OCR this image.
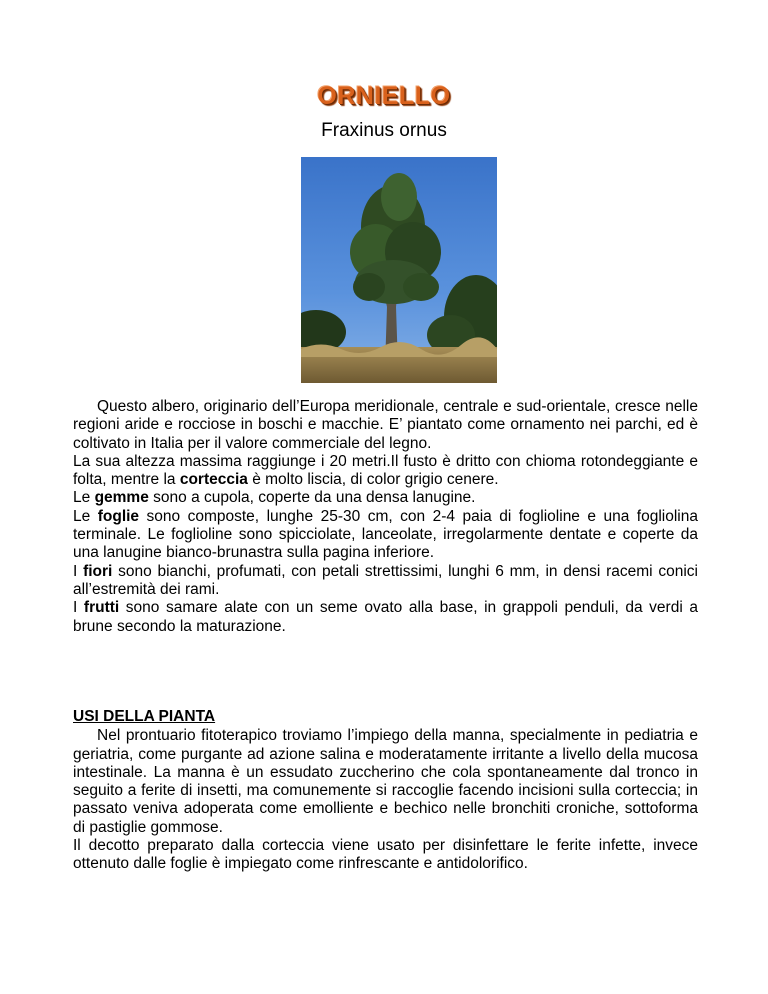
ORNIELLO
Fraxinus ornus

Questo albero, originario dell’Europa meridionale, centrale e sud-orientale, cresce nelle regioni aride e rocciose in boschi e macchie. E’ piantato come ornamento nei parchi, ed è coltivato in Italia per il valore commerciale del legno.

La sua altezza massima raggiunge i 20 metri.Il fusto è dritto con chioma rotondeggiante e folta, mentre la corteccia è molto liscia, di color grigio cenere.

Le gemme sono a cupola, coperte da una densa lanugine.

Le foglie sono composte, lunghe 25-30 cm, con 2-4 paia di foglioline e una fogliolina terminale. Le foglioline sono spicciolate, lanceolate, irregolarmente dentate e coperte da una lanugine bianco-brunastra sulla pagina inferiore.

I fiori sono bianchi, profumati, con petali strettissimi, lunghi 6 mm, in densi racemi conici all’estremità dei rami.

I frutti sono samare alate con un seme ovato alla base, in grappoli penduli, da verdi a brune secondo la maturazione.

USI DELLA PIANTA

Nel prontuario fitoterapico troviamo l’impiego della manna, specialmente in pediatria e geriatria, come purgante ad azione salina e moderatamente irritante a livello della mucosa intestinale. La manna è un essudato zuccherino che cola spontaneamente dal tronco in seguito a ferite di insetti, ma comunemente si raccoglie facendo incisioni sulla corteccia; in passato veniva adoperata come emolliente e bechico nelle bronchiti croniche, sottoforma di pastiglie gommose.

Il decotto preparato dalla corteccia viene usato per disinfettare le ferite infette, invece ottenuto dalle foglie è impiegato come rinfrescante e antidolorifico.
